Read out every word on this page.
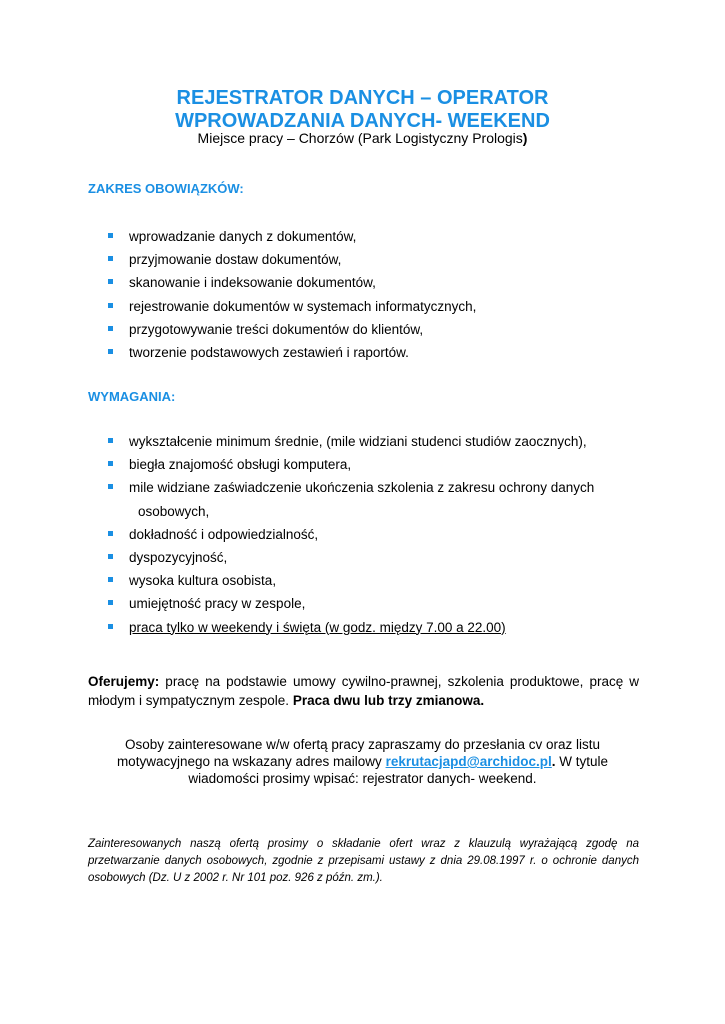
REJESTRATOR DANYCH – OPERATOR
WPROWADZANIA DANYCH- WEEKEND
Miejsce pracy – Chorzów (Park Logistyczny Prologis)
ZAKRES OBOWIĄZKÓW:
wprowadzanie danych z dokumentów,
przyjmowanie dostaw dokumentów,
skanowanie i indeksowanie dokumentów,
rejestrowanie dokumentów w systemach informatycznych,
przygotowywanie treści dokumentów do klientów,
tworzenie podstawowych zestawień i raportów.
WYMAGANIA:
wykształcenie minimum średnie, (mile widziani studenci studiów zaocznych),
biegła znajomość obsługi komputera,
mile widziane zaświadczenie ukończenia szkolenia z zakresu ochrony danych
osobowych,
dokładność i odpowiedzialność,
dyspozycyjność,
wysoka kultura osobista,
umiejętność pracy w zespole,
praca tylko w weekendy i święta (w godz. między 7.00 a 22.00)
Oferujemy: pracę na podstawie umowy cywilno-prawnej, szkolenia produktowe, pracę w młodym i sympatycznym zespole. Praca dwu lub trzy zmianowa.
Osoby zainteresowane w/w ofertą pracy zapraszamy do przesłania cv oraz listu
motywacyjnego na wskazany adres mailowy rekrutacjapd@archidoc.pl. W tytule
wiadomości prosimy wpisać: rejestrator danych- weekend.
Zainteresowanych naszą ofertą prosimy o składanie ofert wraz z klauzulą wyrażającą zgodę na przetwarzanie danych osobowych, zgodnie z przepisami ustawy z dnia 29.08.1997 r. o ochronie danych osobowych (Dz. U z 2002 r. Nr 101 poz. 926 z późn. zm.).
